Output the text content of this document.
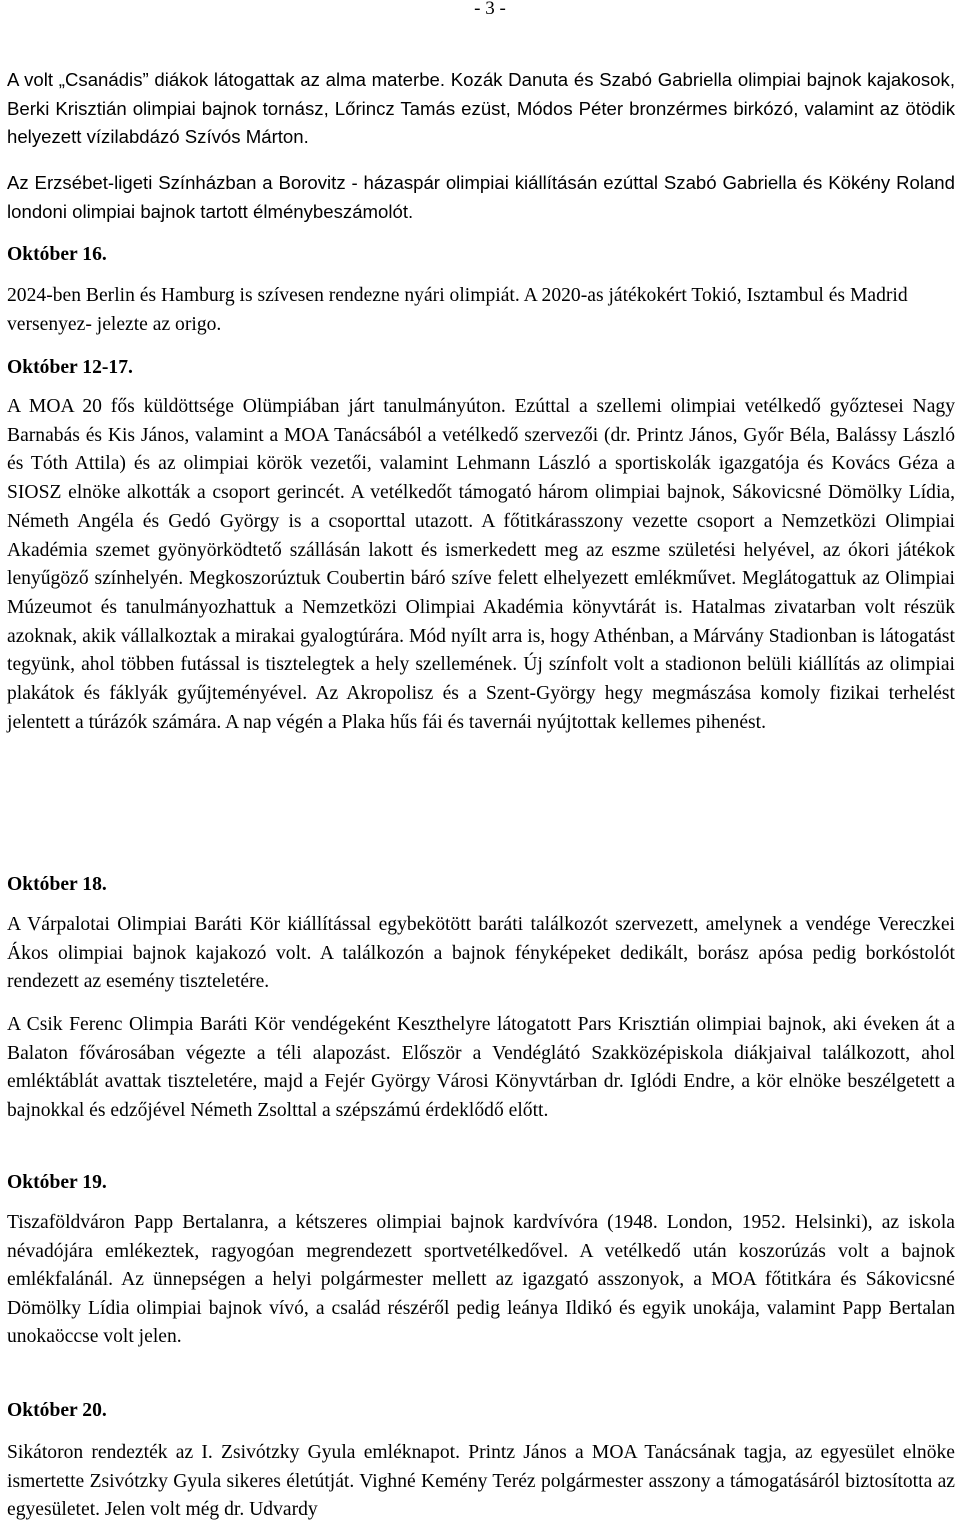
- 3 -
A volt „Csanádis” diákok látogattak az alma materbe. Kozák Danuta és Szabó Gabriella olimpiai bajnok kajakosok, Berki Krisztián olimpiai bajnok tornász, Lőrincz Tamás ezüst, Módos Péter bronzérmes birkózó, valamint az ötödik helyezett vízilabdázó Szívós Márton.
Az Erzsébet-ligeti Színházban a Borovitz - házaspár olimpiai kiállításán ezúttal Szabó Gabriella és Kökény Roland londoni olimpiai bajnok tartott élménybeszámolót.
Október 16.
2024-ben Berlin és Hamburg is szívesen rendezne nyári olimpiát. A 2020-as játékokért Tokió, Isztambul és Madrid versenyez- jelezte az origo.
Október 12-17.
A MOA 20 fős küldöttsége Olümpiában járt tanulmányúton. Ezúttal a szellemi olimpiai vetélkedő győztesei Nagy Barnabás és Kis János, valamint a MOA Tanácsából a vetélkedő szervezői (dr. Printz János, Győr Béla, Balássy László és Tóth Attila) és az olimpiai körök vezetői, valamint Lehmann László a sportiskolák igazgatója és Kovács Géza a SIOSZ elnöke alkották a csoport gerincét. A vetélkedőt támogató három olimpiai bajnok, Sákovicsné Dömölky Lídia, Németh Angéla és Gedó György is a csoporttal utazott. A főtitkárasszony vezette csoport a Nemzetközi Olimpiai Akadémia szemet gyönyörködtető szállásán lakott és ismerkedett meg az eszme születési helyével, az ókori játékok lenyűgöző színhelyén. Megkoszorúztuk Coubertin báró szíve felett elhelyezett emlékművet. Meglátogattuk az Olimpiai Múzeumot és tanulmányozhattuk a Nemzetközi Olimpiai Akadémia könyvtárát is. Hatalmas zivatarban volt részük azoknak, akik vállalkoztak a mirakai gyalogtúrára. Mód nyílt arra is, hogy Athénban, a Márvány Stadionban is látogatást tegyünk, ahol többen futással is tisztelegtek a hely szellemének. Új színfolt volt a stadionon belüli kiállítás az olimpiai plakátok és fáklyák gyűjteményével. Az Akropolisz és a Szent-György hegy megmászása komoly fizikai terhelést jelentett a túrázók számára. A nap végén a Plaka hűs fái és tavernái nyújtottak kellemes pihenést.
Október 18.
A Várpalotai Olimpiai Baráti Kör kiállítással egybekötött baráti találkozót szervezett, amelynek a vendége Vereczkei Ákos olimpiai bajnok kajakozó volt. A találkozón a bajnok fényképeket dedikált, borász apósa pedig borkóstolót rendezett az esemény tiszteletére.
A Csik Ferenc Olimpia Baráti Kör vendégeként Keszthelyre látogatott Pars Krisztián olimpiai bajnok, aki éveken át a Balaton fővárosában végezte a téli alapozást. Először a Vendéglátó Szakközépiskola diákjaival találkozott, ahol emléktáblát avattak tiszteletére, majd a Fejér György Városi Könyvtárban dr. Iglódi Endre, a kör elnöke beszélgetett a bajnokkal és edzőjével Németh Zsolttal a szépszámú érdeklődő előtt.
Október 19.
Tiszaföldváron Papp Bertalanra, a kétszeres olimpiai bajnok kardvívóra (1948. London, 1952. Helsinki), az iskola névadójára emlékeztek, ragyogóan megrendezett sportvetélkedővel. A vetélkedő után koszorúzás volt a bajnok emlékfalánál. Az ünnepségen a helyi polgármester mellett az igazgató asszonyok, a MOA főtitkára és Sákovicsné Dömölky Lídia olimpiai bajnok vívó, a család részéről pedig leánya Ildikó és egyik unokája, valamint Papp Bertalan unokaöccse volt jelen.
Október 20.
Sikátoron rendezték az I. Zsivótzky Gyula emléknapot. Printz János a MOA Tanácsának tagja, az egyesület elnöke ismertette Zsivótzky Gyula sikeres életútját. Vighné Kemény Teréz polgármester asszony a támogatásáról biztosította az egyesületet. Jelen volt még dr. Udvardy
